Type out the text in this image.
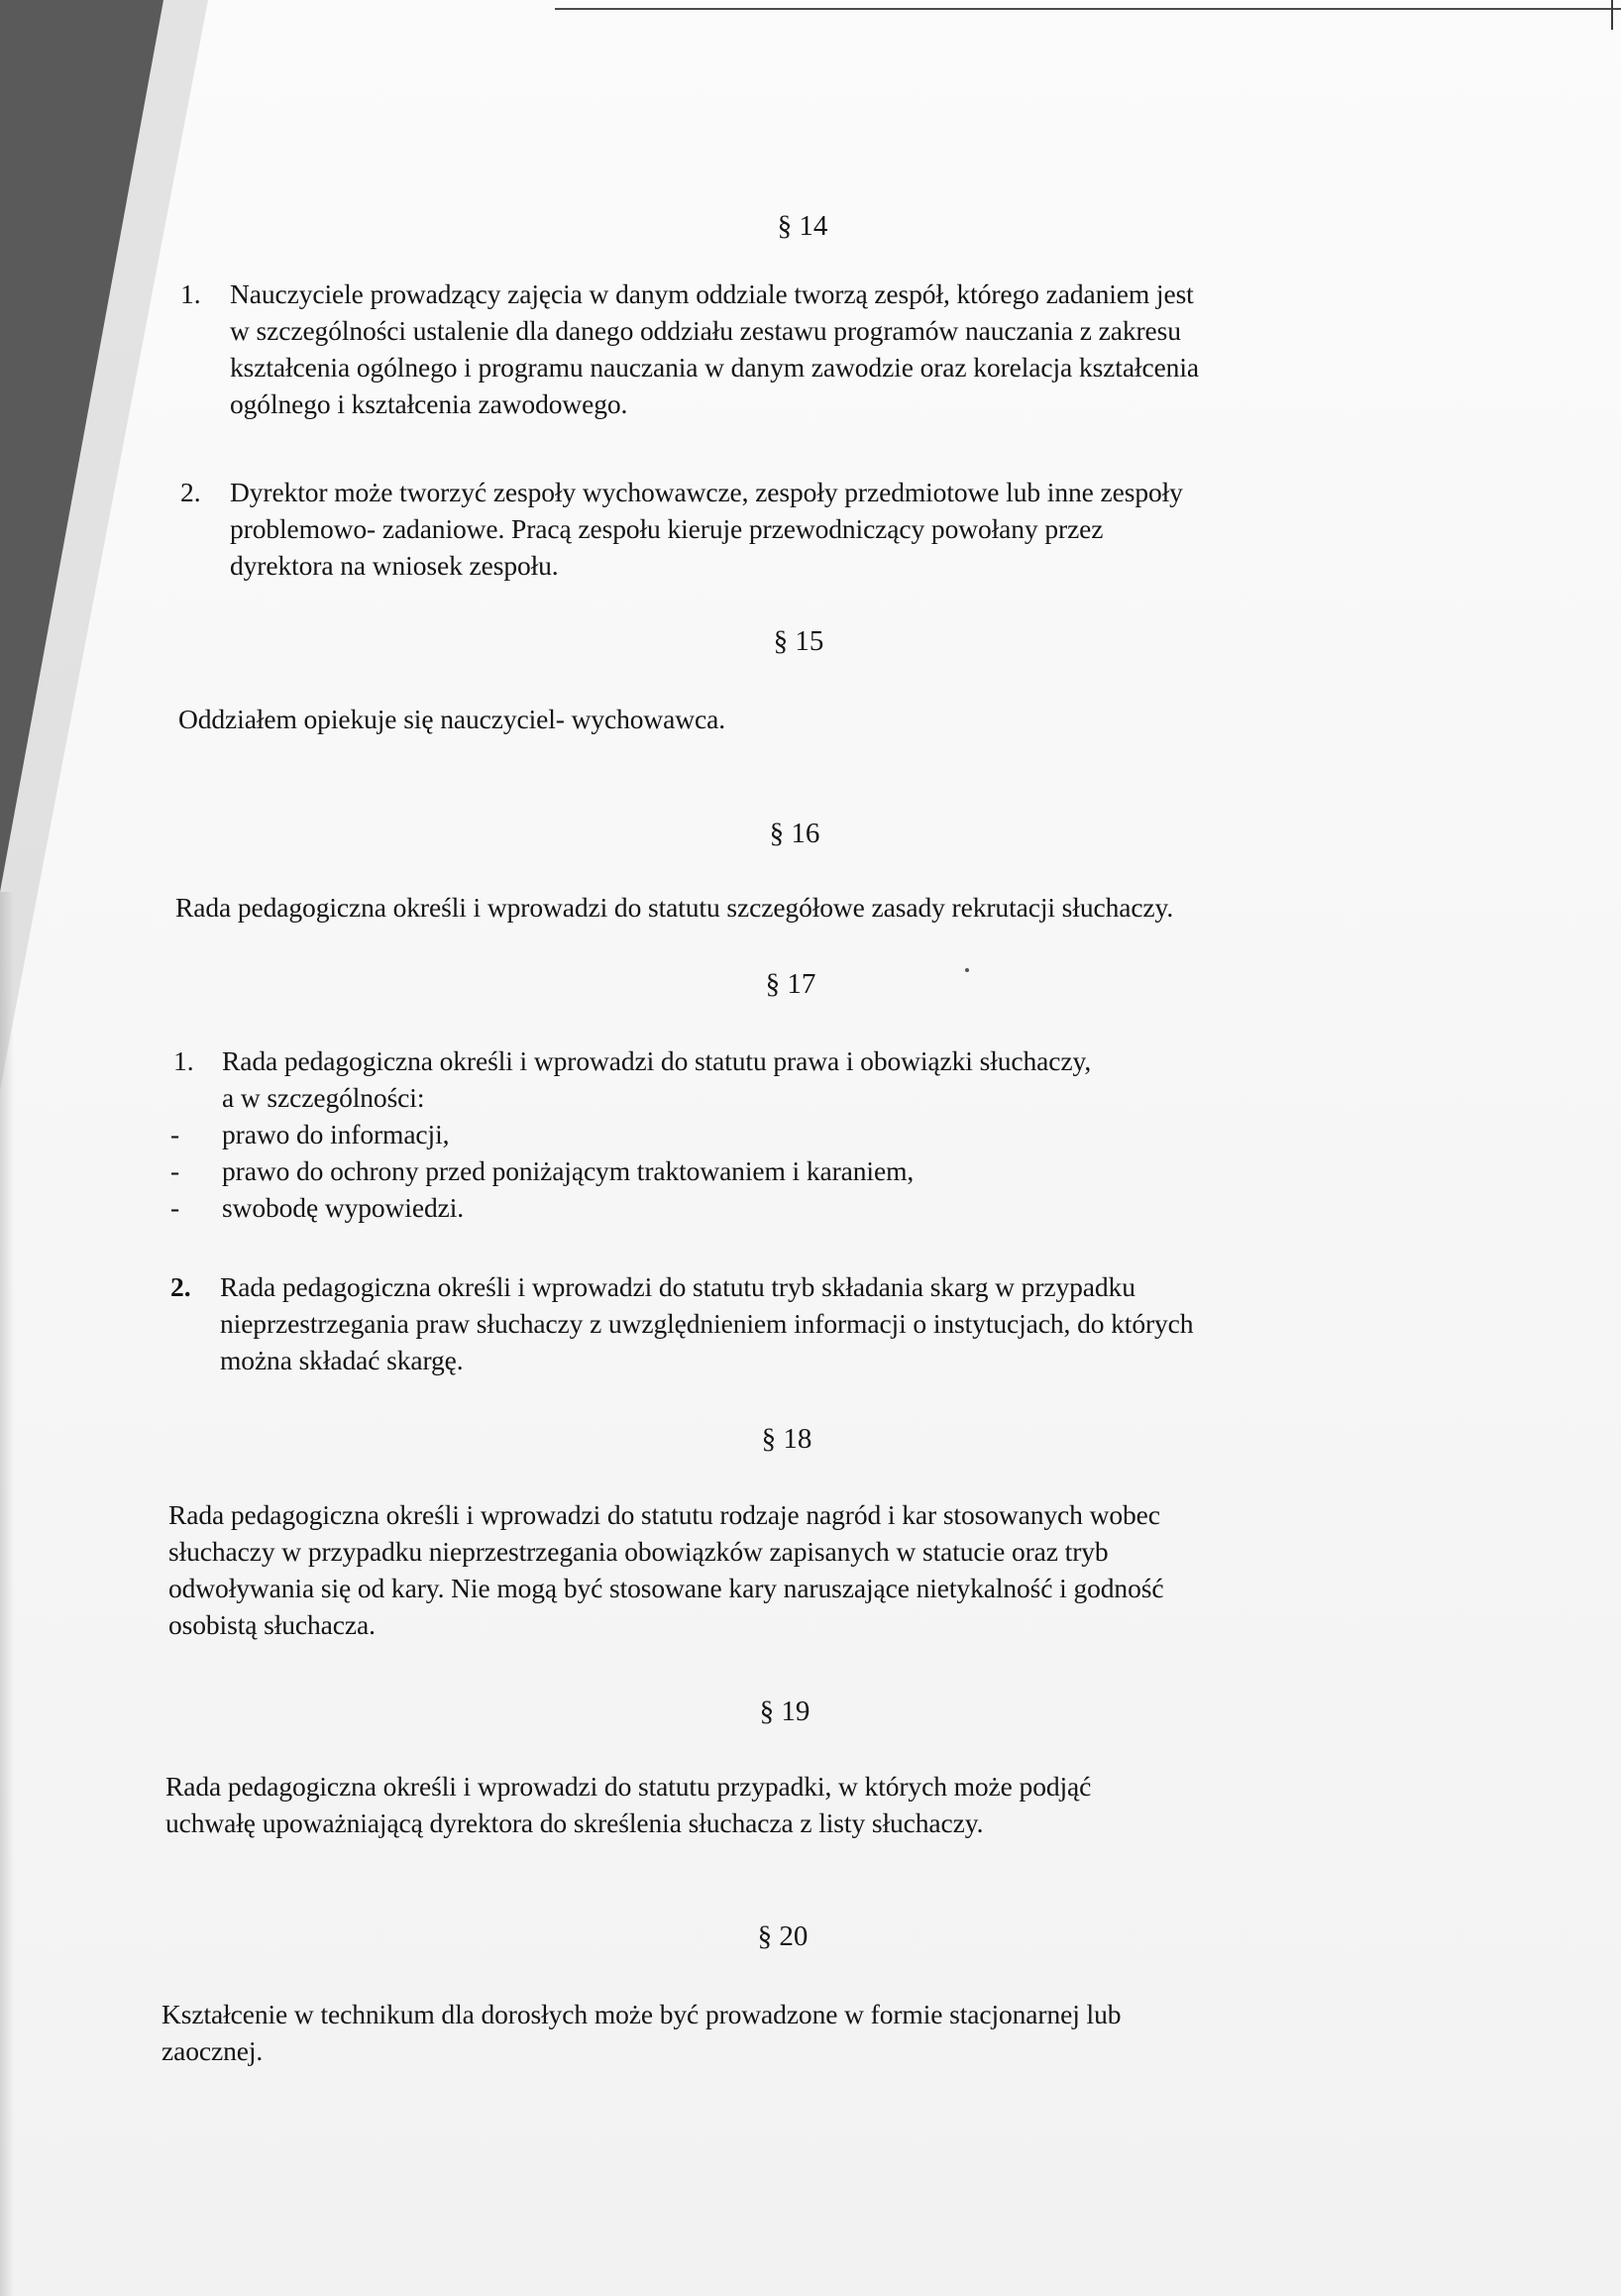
§ 14
1. Nauczyciele prowadzący zajęcia w danym oddziale tworzą zespół, którego zadaniem jest
w szczególności ustalenie dla danego oddziału zestawu programów nauczania z zakresu
kształcenia ogólnego i programu nauczania w danym zawodzie oraz korelacja kształcenia
ogólnego i kształcenia zawodowego.

2. Dyrektor może tworzyć zespoły wychowawcze, zespoły przedmiotowe lub inne zespoły
problemowo- zadaniowe. Pracą zespołu kieruje przewodniczący powołany przez
dyrektora na wniosek zespołu.

§ 15

Oddziałem opiekuje się nauczyciel- wychowawca.

§ 16

Rada pedagogiczna określi i wprowadzi do statutu szczegółowe zasady rekrutacji słuchaczy.

§ 17
1. Rada pedagogiczna określi i wprowadzi do statutu prawa i obowiązki słuchaczy,
a w szczególności:

- prawo do informacji,

- prawo do ochrony przed poniżającym traktowaniem i karaniem,

- swobodę wypowiedzi.

2. Rada pedagogiczna określi i wprowadzi do statutu tryb składania skarg w przypadku
nieprzestrzegania praw słuchaczy z uwzględnieniem informacji o instytucjach, do których
można składać skargę.

§ 18

Rada pedagogiczna określi i wprowadzi do statutu rodzaje nagród i kar stosowanych wobec
słuchaczy w przypadku nieprzestrzegania obowiązków zapisanych w statucie oraz tryb
odwoływania się od kary. Nie mogą być stosowane kary naruszające nietykalność i godność
osobistą słuchacza.

§ 19

Rada pedagogiczna określi i wprowadzi do statutu przypadki, w których może podjąć
uchwałę upoważniającą dyrektora do skreślenia słuchacza z listy słuchaczy.

§ 20

Kształcenie w technikum dla dorosłych może być prowadzone w formie stacjonarnej lub
zaocznej.
